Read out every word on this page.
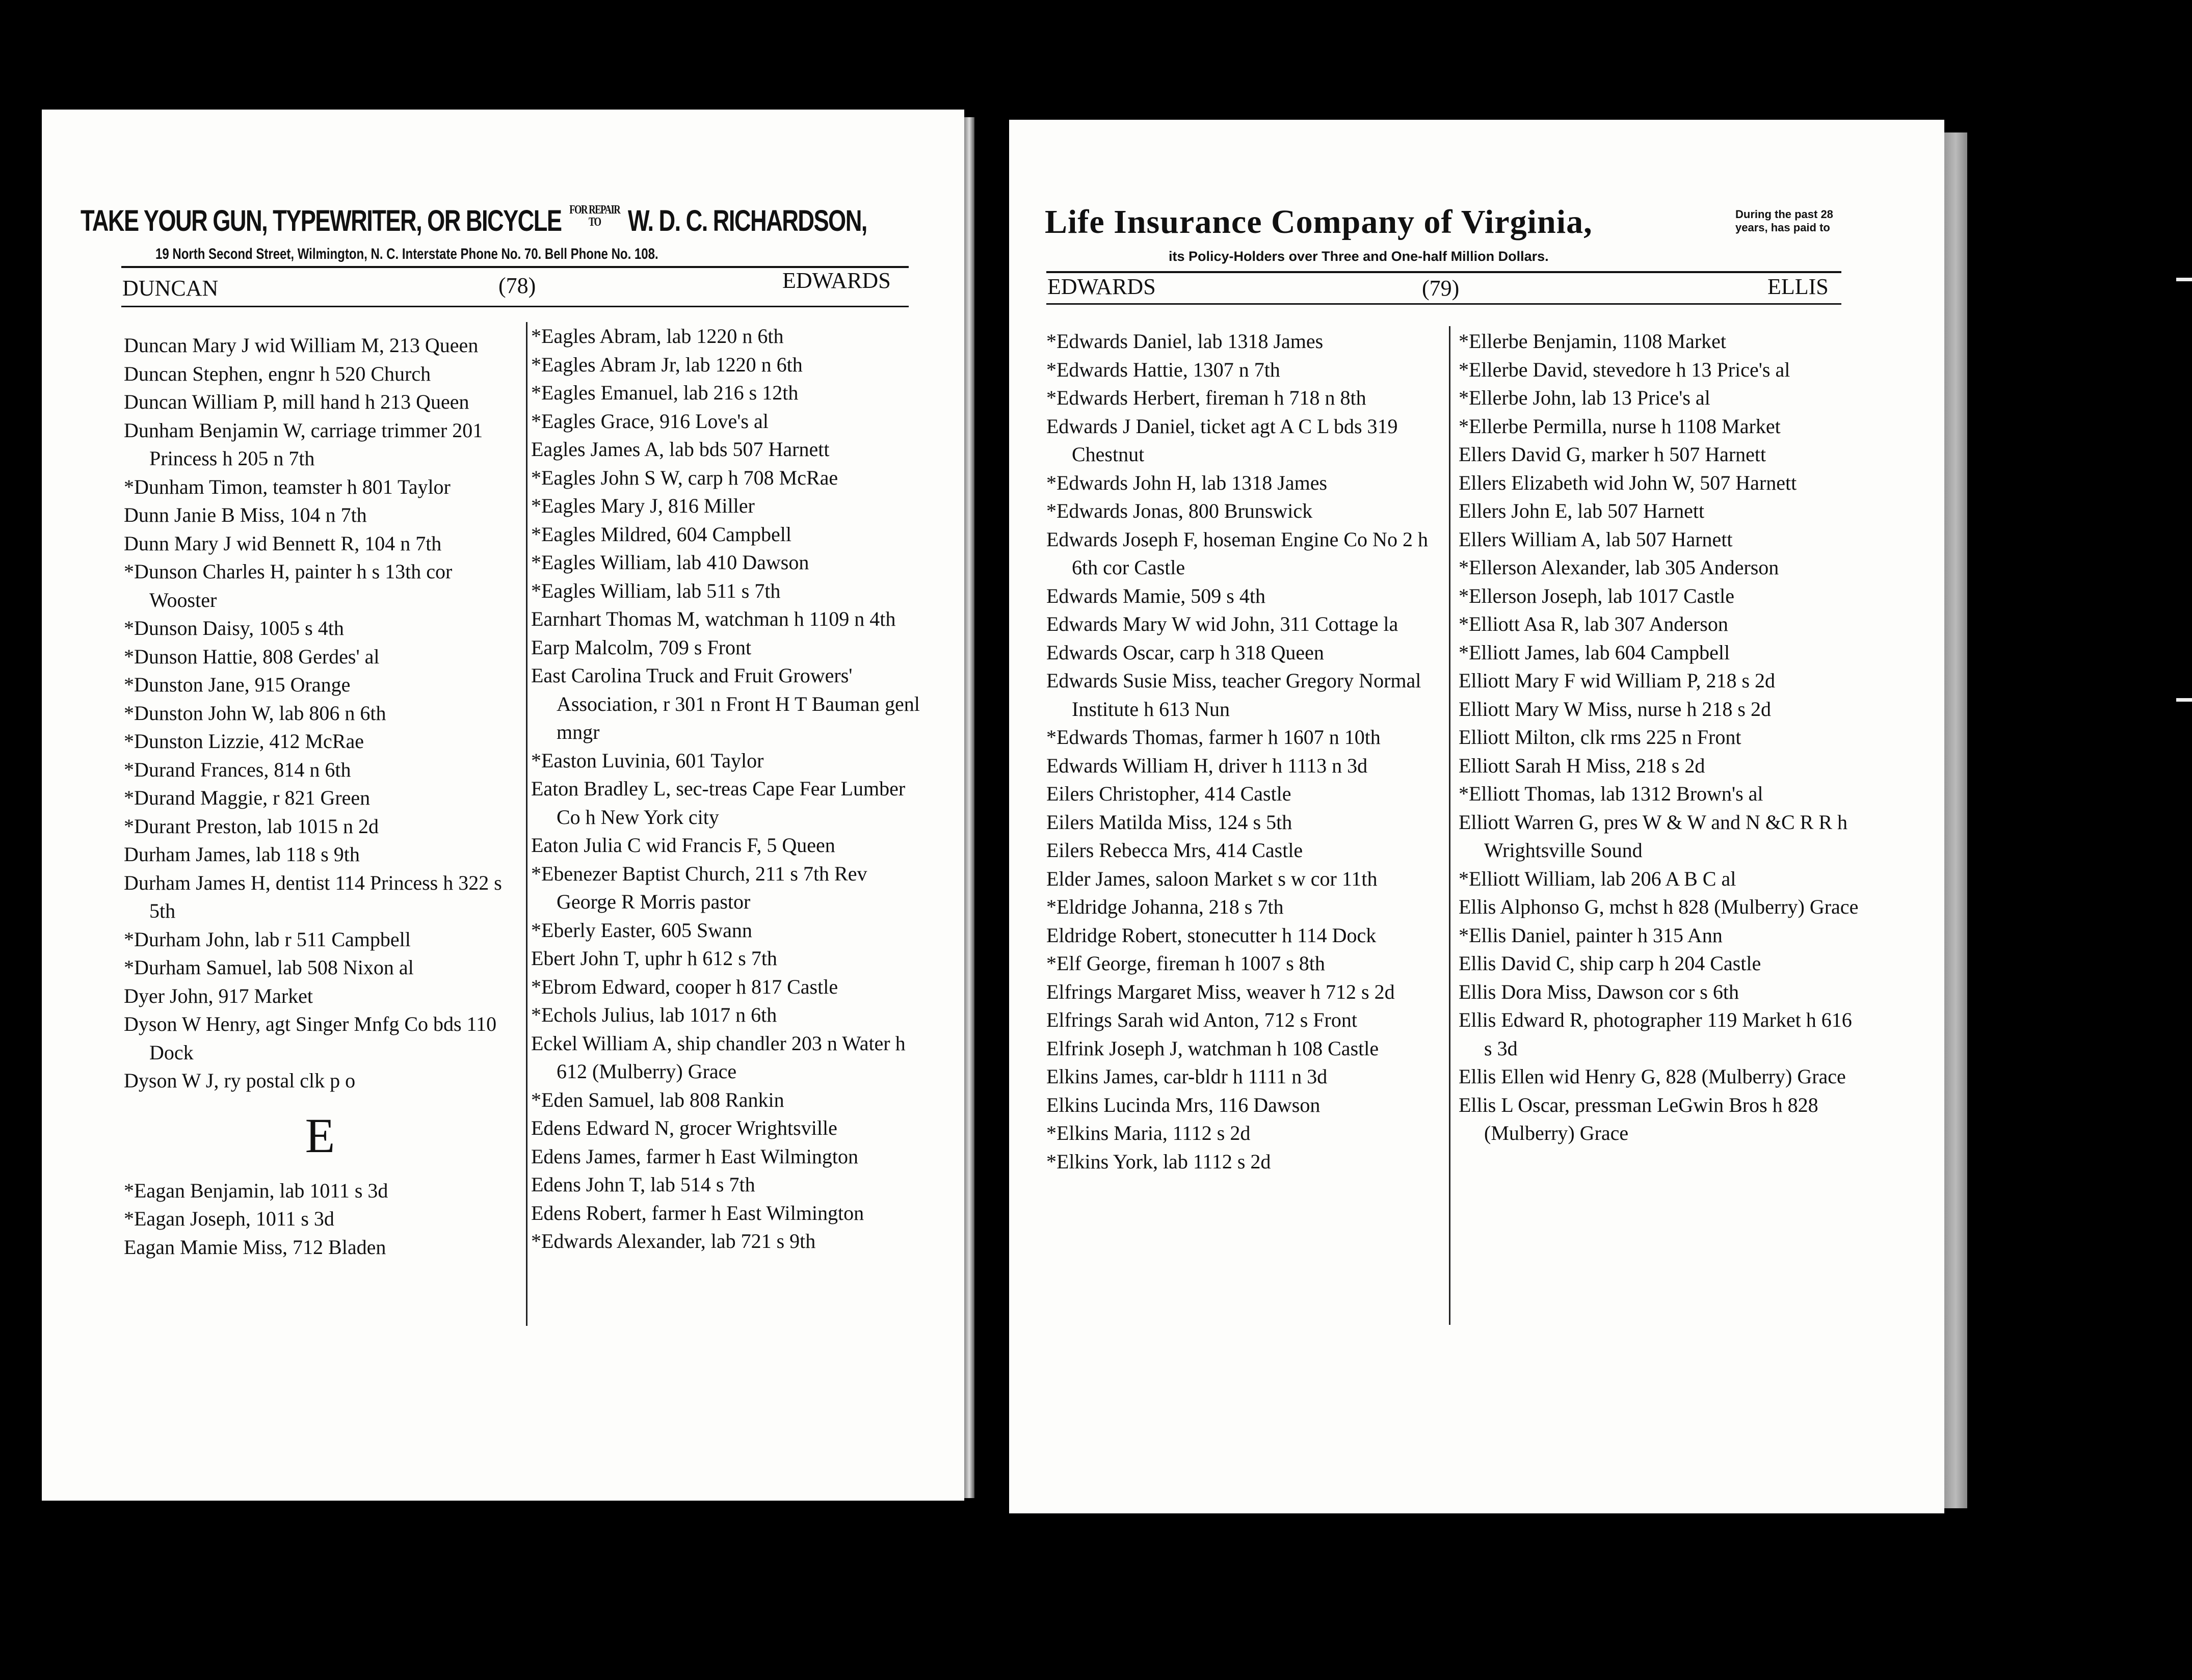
TAKE YOUR GUN, TYPEWRITER, OR BICYCLE FOR REPAIR
TO W. D. C. RICHARDSON,
19 North Second Street, Wilmington, N. C. Interstate Phone No. 70. Bell Phone No. 108.
DUNCAN	(78)	EDWARDS
Duncan Mary J wid William M, 213 Queen
Duncan Stephen, engnr h 520 Church
Duncan William P, mill hand h 213 Queen
Dunham Benjamin W, carriage trimmer 201 Princess h 205 n 7th
*Dunham Timon, teamster h 801 Taylor
Dunn Janie B Miss, 104 n 7th
Dunn Mary J wid Bennett R, 104 n 7th
*Dunson Charles H, painter h s 13th cor Wooster
*Dunson Daisy, 1005 s 4th
*Dunson Hattie, 808 Gerdes' al
*Dunston Jane, 915 Orange
*Dunston John W, lab 806 n 6th
*Dunston Lizzie, 412 McRae
*Durand Frances, 814 n 6th
*Durand Maggie, r 821 Green
*Durant Preston, lab 1015 n 2d
Durham James, lab 118 s 9th
Durham James H, dentist 114 Princess h 322 s 5th
*Durham John, lab r 511 Campbell
*Durham Samuel, lab 508 Nixon al
Dyer John, 917 Market
Dyson W Henry, agt Singer Mnfg Co bds 110 Dock
Dyson W J, ry postal clk p o
E
*Eagan Benjamin, lab 1011 s 3d
*Eagan Joseph, 1011 s 3d
Eagan Mamie Miss, 712 Bladen
*Eagles Abram, lab 1220 n 6th
*Eagles Abram Jr, lab 1220 n 6th
*Eagles Emanuel, lab 216 s 12th
*Eagles Grace, 916 Love's al
Eagles James A, lab bds 507 Harnett
*Eagles John S W, carp h 708 McRae
*Eagles Mary J, 816 Miller
*Eagles Mildred, 604 Campbell
*Eagles William, lab 410 Dawson
*Eagles William, lab 511 s 7th
Earnhart Thomas M, watchman h 1109 n 4th
Earp Malcolm, 709 s Front
East Carolina Truck and Fruit Growers' Association, r 301 n Front H T Bauman genl mngr
*Easton Luvinia, 601 Taylor
Eaton Bradley L, sec-treas Cape Fear Lumber Co h New York city
Eaton Julia C wid Francis F, 5 Queen
*Ebenezer Baptist Church, 211 s 7th Rev George R Morris pastor
*Eberly Easter, 605 Swann
Ebert John T, uphr h 612 s 7th
*Ebrom Edward, cooper h 817 Castle
*Echols Julius, lab 1017 n 6th
Eckel William A, ship chandler 203 n Water h 612 (Mulberry) Grace
*Eden Samuel, lab 808 Rankin
Edens Edward N, grocer Wrightsville
Edens James, farmer h East Wilmington
Edens John T, lab 514 s 7th
Edens Robert, farmer h East Wilmington
*Edwards Alexander, lab 721 s 9th
Life Insurance Company of Virginia,	During the past 28
years, has paid to
its Policy-Holders over Three and One-half Million Dollars.
EDWARDS	(79)	ELLIS
*Edwards Daniel, lab 1318 James
*Edwards Hattie, 1307 n 7th
*Edwards Herbert, fireman h 718 n 8th
Edwards J Daniel, ticket agt A C L bds 319 Chestnut
*Edwards John H, lab 1318 James
*Edwards Jonas, 800 Brunswick
Edwards Joseph F, hoseman Engine Co No 2 h 6th cor Castle
Edwards Mamie, 509 s 4th
Edwards Mary W wid John, 311 Cottage la
Edwards Oscar, carp h 318 Queen
Edwards Susie Miss, teacher Gregory Normal Institute h 613 Nun
*Edwards Thomas, farmer h 1607 n 10th
Edwards William H, driver h 1113 n 3d
Eilers Christopher, 414 Castle
Eilers Matilda Miss, 124 s 5th
Eilers Rebecca Mrs, 414 Castle
Elder James, saloon Market s w cor 11th
*Eldridge Johanna, 218 s 7th
Eldridge Robert, stonecutter h 114 Dock
*Elf George, fireman h 1007 s 8th
Elfrings Margaret Miss, weaver h 712 s 2d
Elfrings Sarah wid Anton, 712 s Front
Elfrink Joseph J, watchman h 108 Castle
Elkins James, car-bldr h 1111 n 3d
Elkins Lucinda Mrs, 116 Dawson
*Elkins Maria, 1112 s 2d
*Elkins York, lab 1112 s 2d
*Ellerbe Benjamin, 1108 Market
*Ellerbe David, stevedore h 13 Price's al
*Ellerbe John, lab 13 Price's al
*Ellerbe Permilla, nurse h 1108 Market
Ellers David G, marker h 507 Harnett
Ellers Elizabeth wid John W, 507 Harnett
Ellers John E, lab 507 Harnett
Ellers William A, lab 507 Harnett
*Ellerson Alexander, lab 305 Anderson
*Ellerson Joseph, lab 1017 Castle
*Elliott Asa R, lab 307 Anderson
*Elliott James, lab 604 Campbell
Elliott Mary F wid William P, 218 s 2d
Elliott Mary W Miss, nurse h 218 s 2d
Elliott Milton, clk rms 225 n Front
Elliott Sarah H Miss, 218 s 2d
*Elliott Thomas, lab 1312 Brown's al
Elliott Warren G, pres W & W and N &C R R h Wrightsville Sound
*Elliott William, lab 206 A B C al
Ellis Alphonso G, mchst h 828 (Mulberry) Grace
*Ellis Daniel, painter h 315 Ann
Ellis David C, ship carp h 204 Castle
Ellis Dora Miss, Dawson cor s 6th
Ellis Edward R, photographer 119 Market h 616 s 3d
Ellis Ellen wid Henry G, 828 (Mulberry) Grace
Ellis L Oscar, pressman LeGwin Bros h 828 (Mulberry) Grace
